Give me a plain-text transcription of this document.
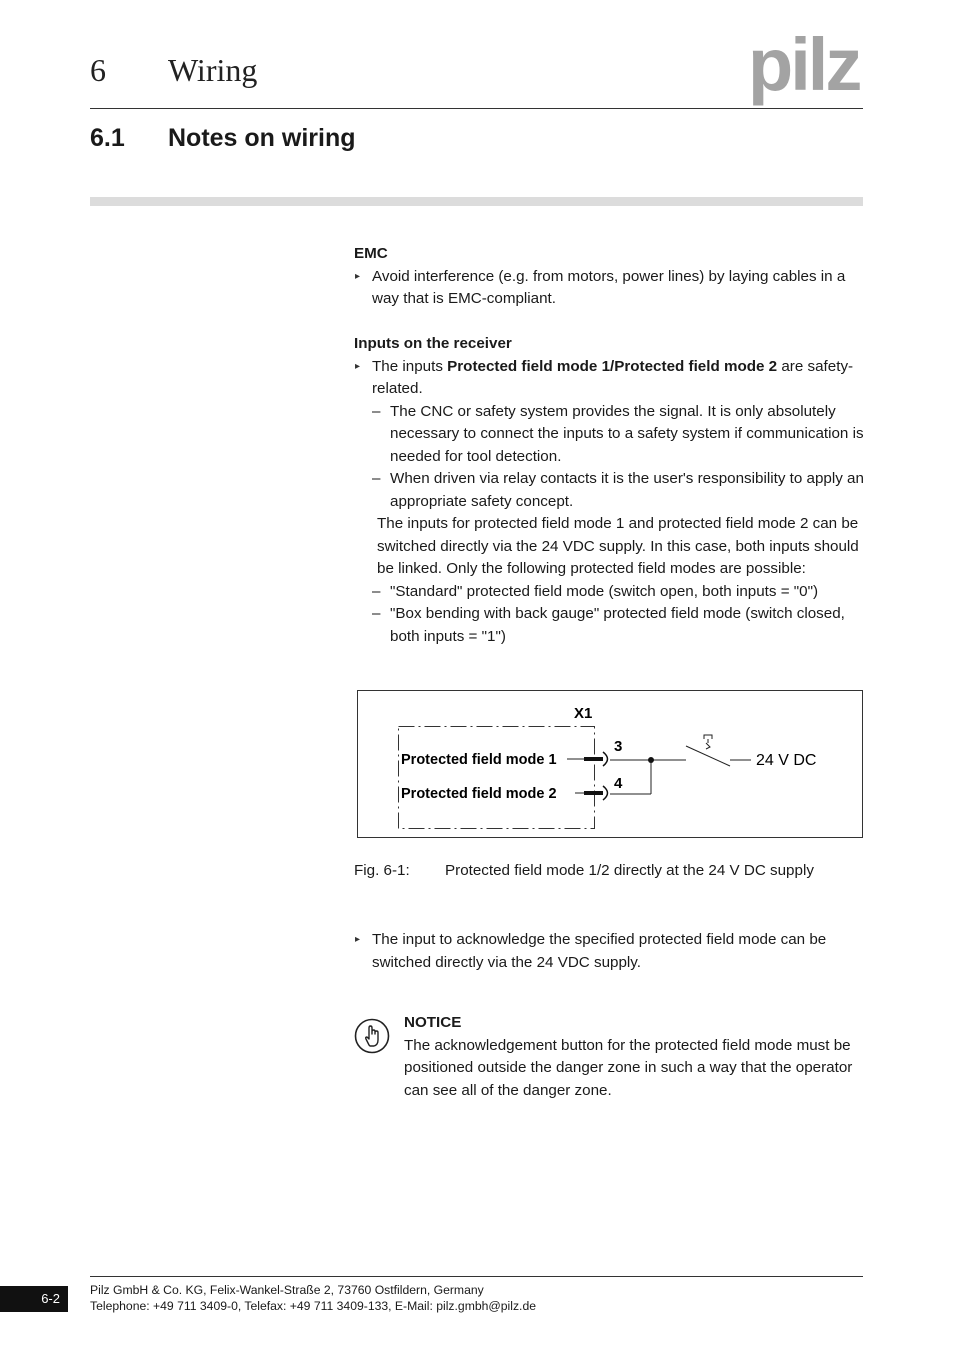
6 Wiring	pilz
6.1 Notes on wiring
EMC
▸ Avoid interference (e.g. from motors, power lines) by laying cables in a way that is EMC-compliant.
Inputs on the receiver
▸ The inputs Protected field mode 1/Protected field mode 2 are safety-related.
– The CNC or safety system provides the signal. It is only absolutely necessary to connect the inputs to a safety system if communication is needed for tool detection.
– When driven via relay contacts it is the user's responsibility to apply an appropriate safety concept.
The inputs for protected field mode 1 and protected field mode 2 can be switched directly via the 24 VDC supply. In this case, both inputs should be linked. Only the following protected field modes are possible:
– "Standard" protected field mode (switch open, both inputs = "0")
– "Box bending with back gauge" protected field mode (switch closed, both inputs = "1")
X1
Protected field mode 1
Protected field mode 2
3
4
24 V DC
Fig. 6-1: Protected field mode 1/2 directly at the 24 V DC supply
▸ The input to acknowledge the specified protected field mode can be switched directly via the 24 VDC supply.
NOTICE
The acknowledgement button for the protected field mode must be positioned outside the danger zone in such a way that the operator can see all of the danger zone.
6-2
Pilz GmbH & Co. KG, Felix-Wankel-Straße 2, 73760 Ostfildern, Germany
Telephone: +49 711 3409-0, Telefax: +49 711 3409-133, E-Mail: pilz.gmbh@pilz.de
